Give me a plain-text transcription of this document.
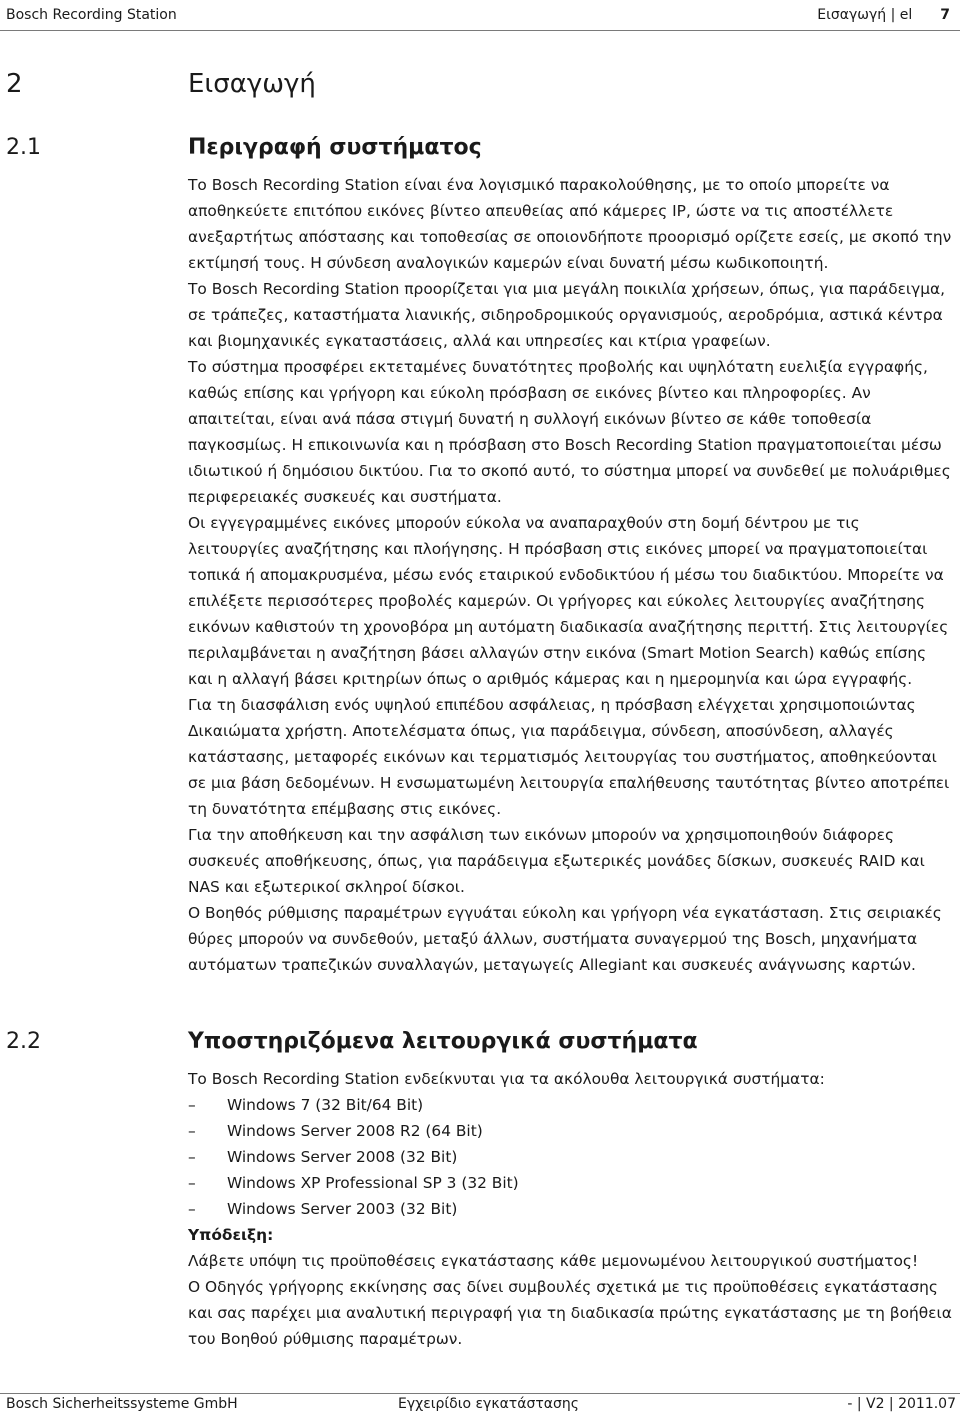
Bosch Recording Station	Εισαγωγή | el 7
2	Εισαγωγή
2.1	Περιγραφή συστήματος

Το Bosch Recording Station είναι ένα λογισμικό παρακολούθησης, με το οποίο μπορείτε να αποθηκεύετε επιτόπου εικόνες βίντεο απευθείας από κάμερες IP, ώστε να τις αποστέλλετε ανεξαρτήτως απόστασης και τοποθεσίας σε οποιονδήποτε προορισμό ορίζετε εσείς, με σκοπό την εκτίμησή τους. Η σύνδεση αναλογικών καμερών είναι δυνατή μέσω κωδικοποιητή.

Το Bosch Recording Station προορίζεται για μια μεγάλη ποικιλία χρήσεων, όπως, για παράδειγμα, σε τράπεζες, καταστήματα λιανικής, σιδηροδρομικούς οργανισμούς, αεροδρόμια, αστικά κέντρα και βιομηχανικές εγκαταστάσεις, αλλά και υπηρεσίες και κτίρια γραφείων.

Το σύστημα προσφέρει εκτεταμένες δυνατότητες προβολής και υψηλότατη ευελιξία εγγραφής, καθώς επίσης και γρήγορη και εύκολη πρόσβαση σε εικόνες βίντεο και πληροφορίες. Αν απαιτείται, είναι ανά πάσα στιγμή δυνατή η συλλογή εικόνων βίντεο σε κάθε τοποθεσία παγκοσμίως. Η επικοινωνία και η πρόσβαση στο Bosch Recording Station πραγματοποιείται μέσω ιδιωτικού ή δημόσιου δικτύου. Για το σκοπό αυτό, το σύστημα μπορεί να συνδεθεί με πολυάριθμες περιφερειακές συσκευές και συστήματα.

Οι εγγεγραμμένες εικόνες μπορούν εύκολα να αναπαραχθούν στη δομή δέντρου με τις λειτουργίες αναζήτησης και πλοήγησης. Η πρόσβαση στις εικόνες μπορεί να πραγματοποιείται τοπικά ή απομακρυσμένα, μέσω ενός εταιρικού ενδοδικτύου ή μέσω του διαδικτύου. Μπορείτε να επιλέξετε περισσότερες προβολές καμερών. Οι γρήγορες και εύκολες λειτουργίες αναζήτησης εικόνων καθιστούν τη χρονοβόρα μη αυτόματη διαδικασία αναζήτησης περιττή. Στις λειτουργίες περιλαμβάνεται η αναζήτηση βάσει αλλαγών στην εικόνα (Smart Motion Search) καθώς επίσης και η αλλαγή βάσει κριτηρίων όπως ο αριθμός κάμερας και η ημερομηνία και ώρα εγγραφής.

Για τη διασφάλιση ενός υψηλού επιπέδου ασφάλειας, η πρόσβαση ελέγχεται χρησιμοποιώντας Δικαιώματα χρήστη. Αποτελέσματα όπως, για παράδειγμα, σύνδεση, αποσύνδεση, αλλαγές κατάστασης, μεταφορές εικόνων και τερματισμός λειτουργίας του συστήματος, αποθηκεύονται σε μια βάση δεδομένων. Η ενσωματωμένη λειτουργία επαλήθευσης ταυτότητας βίντεο αποτρέπει τη δυνατότητα επέμβασης στις εικόνες.

Για την αποθήκευση και την ασφάλιση των εικόνων μπορούν να χρησιμοποιηθούν διάφορες συσκευές αποθήκευσης, όπως, για παράδειγμα εξωτερικές μονάδες δίσκων, συσκευές RAID και NAS και εξωτερικοί σκληροί δίσκοι.

Ο Βοηθός ρύθμισης παραμέτρων εγγυάται εύκολη και γρήγορη νέα εγκατάσταση. Στις σειριακές θύρες μπορούν να συνδεθούν, μεταξύ άλλων, συστήματα συναγερμού της Bosch, μηχανήματα αυτόματων τραπεζικών συναλλαγών, μεταγωγείς Allegiant και συσκευές ανάγνωσης καρτών.

2.2	Υποστηριζόμενα λειτουργικά συστήματα

Το Bosch Recording Station ενδείκνυται για τα ακόλουθα λειτουργικά συστήματα:

– Windows 7 (32 Bit/64 Bit)
– Windows Server 2008 R2 (64 Bit)
– Windows Server 2008 (32 Bit)
– Windows XP Professional SP 3 (32 Bit)
– Windows Server 2003 (32 Bit)

Υπόδειξη:

Λάβετε υπόψη τις προϋποθέσεις εγκατάστασης κάθε μεμονωμένου λειτουργικού συστήματος!

Ο Οδηγός γρήγορης εκκίνησης σας δίνει συμβουλές σχετικά με τις προϋποθέσεις εγκατάστασης και σας παρέχει μια αναλυτική περιγραφή για τη διαδικασία πρώτης εγκατάστασης με τη βοήθεια του Βοηθού ρύθμισης παραμέτρων.

Bosch Sicherheitssysteme GmbH	Εγχειρίδιο εγκατάστασης	- | V2 | 2011.07
